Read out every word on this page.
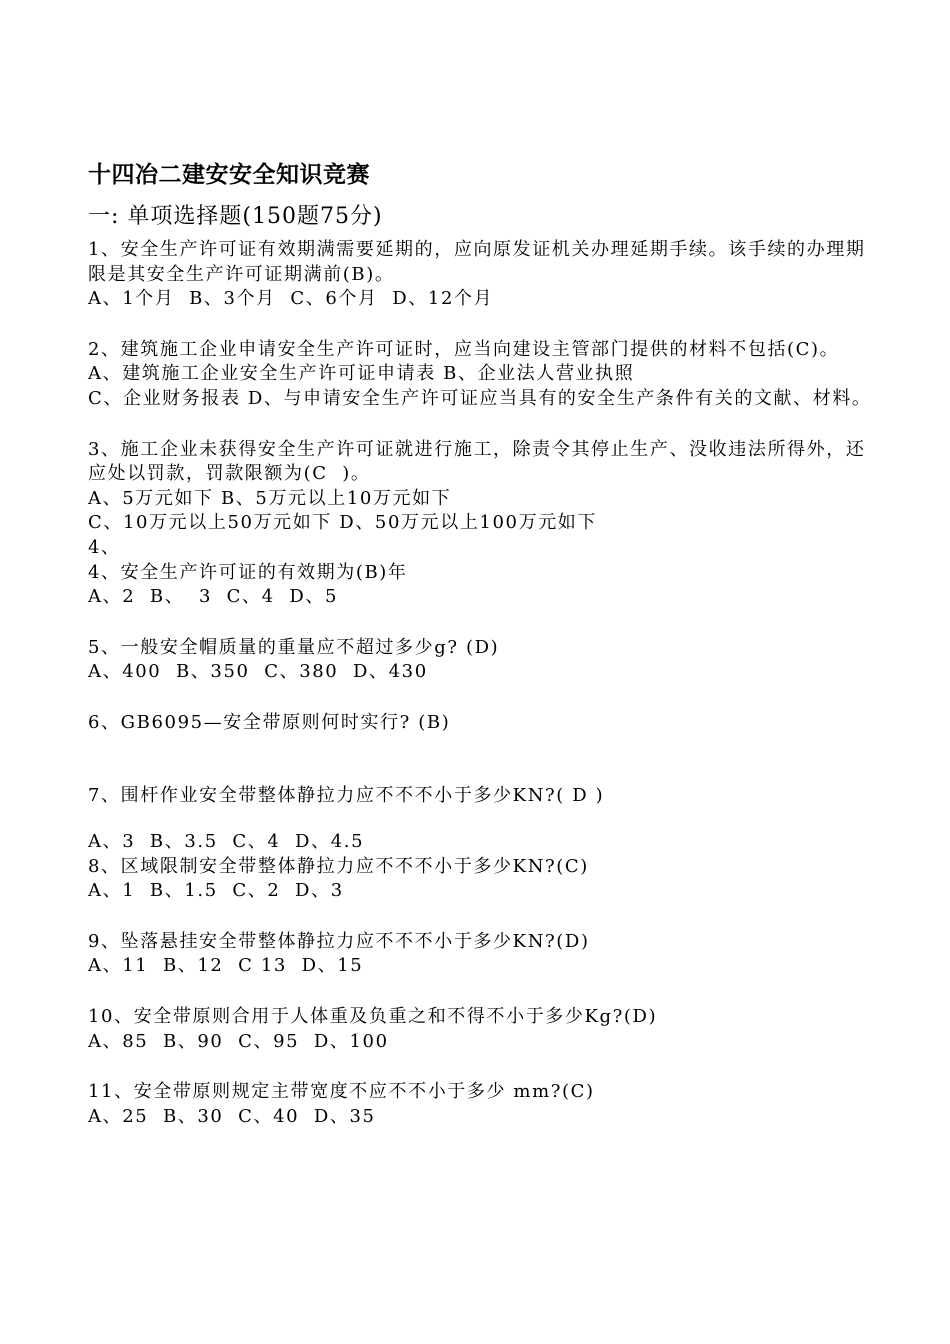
十四冶二建安安全知识竞赛
一: 单项选择题(150题75分)
1、安全生产许可证有效期满需要延期的，应向原发证机关办理延期手续。该手续的办理期限是其安全生产许可证期满前(B)。
A、1个月  B、3个月  C、6个月  D、12个月
2、建筑施工企业申请安全生产许可证时，应当向建设主管部门提供的材料不包括(C)。
A、建筑施工企业安全生产许可证申请表 B、企业法人营业执照
C、企业财务报表 D、与申请安全生产许可证应当具有的安全生产条件有关的文献、材料。
3、施工企业未获得安全生产许可证就进行施工，除责令其停止生产、没收违法所得外，还应处以罚款，罚款限额为(C  )。
A、5万元如下 B、5万元以上10万元如下
C、10万元以上50万元如下 D、50万元以上100万元如下
4、
4、安全生产许可证的有效期为(B)年
A、2  B、  3  C、4  D、5
5、一般安全帽质量的重量应不超过多少g? (D)
A、400  B、350  C、380  D、430
6、GB6095—安全带原则何时实行? (B)
7、围杆作业安全带整体静拉力应不不不小于多少KN?( D )
A、3  B、3.5  C、4  D、4.5
8、区域限制安全带整体静拉力应不不不小于多少KN?(C)
A、1  B、1.5  C、2  D、3
9、坠落悬挂安全带整体静拉力应不不不小于多少KN?(D)
A、11  B、12  C 13  D、15
10、安全带原则合用于人体重及负重之和不得不小于多少Kg?(D)
A、85  B、90  C、95  D、100
11、安全带原则规定主带宽度不应不不小于多少 mm?(C)
A、25  B、30  C、40  D、35
